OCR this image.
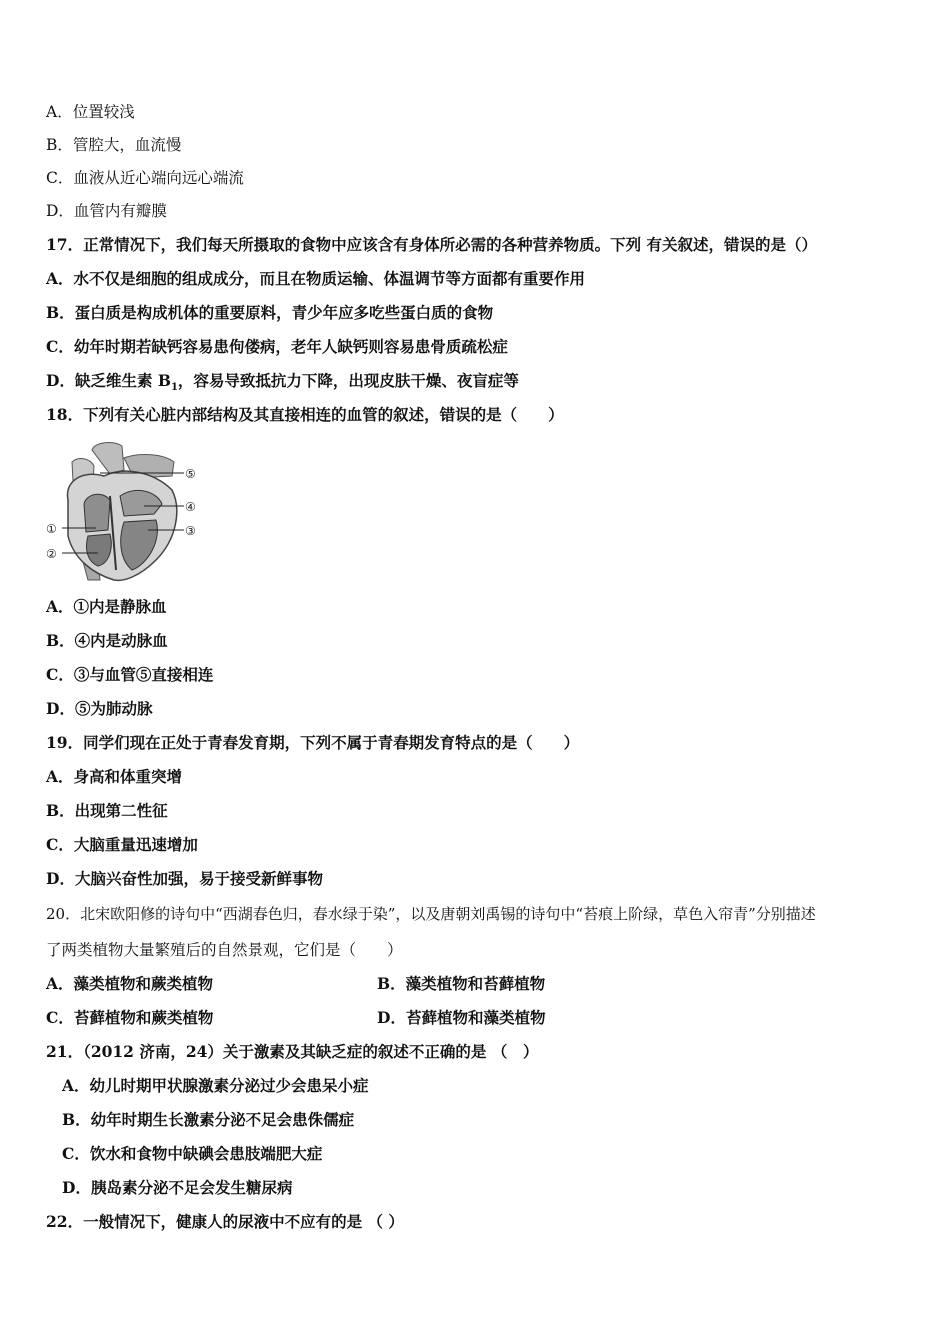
A．位置较浅
B．管腔大，血流慢
C．血液从近心端向远心端流
D．血管内有瓣膜
17．正常情况下，我们每天所摄取的食物中应该含有身体所必需的各种营养物质。下列 有关叙述，错误的是（）
A．水不仅是细胞的组成成分，而且在物质运输、体温调节等方面都有重要作用
B．蛋白质是构成机体的重要原料，青少年应多吃些蛋白质的食物
C．幼年时期若缺钙容易患佝偻病，老年人缺钙则容易患骨质疏松症
D．缺乏维生素 $B_1$，容易导致抵抗力下降，出现皮肤干燥、夜盲症等
18．下列有关心脏内部结构及其直接相连的血管的叙述，错误的是（　　）
①
②
③
④
⑤
A．①内是静脉血
B．④内是动脉血
C．③与血管⑤直接相连
D．⑤为肺动脉
19．同学们现在正处于青春发育期，下列不属于青春期发育特点的是（　　）
A．身高和体重突增
B．出现第二性征
C．大脑重量迅速增加
D．大脑兴奋性加强，易于接受新鲜事物
20．北宋欧阳修的诗句中“西湖春色归，春水绿于染”，以及唐朝刘禹锡的诗句中“苔痕上阶绿，草色入帘青”分别描述
了两类植物大量繁殖后的自然景观，它们是（　　）
A．藻类植物和蕨类植物	B．藻类植物和苔藓植物
C．苔藓植物和蕨类植物	D．苔藓植物和藻类植物
21．（2012 济南，24）关于激素及其缺乏症的叙述不正确的是 （　）
A．幼儿时期甲状腺激素分泌过少会患呆小症
B．幼年时期生长激素分泌不足会患侏儒症
C．饮水和食物中缺碘会患肢端肥大症
D．胰岛素分泌不足会发生糖尿病
22．一般情况下，健康人的尿液中不应有的是 （ ）
